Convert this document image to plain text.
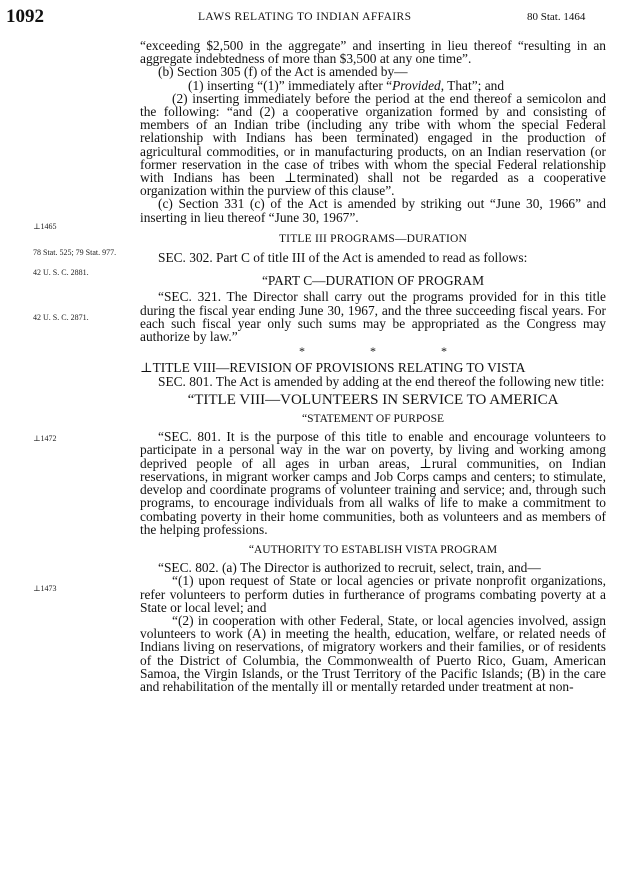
1092	LAWS RELATING TO INDIAN AFFAIRS	80 Stat. 1464
⊥1465
78 Stat. 525; 79 Stat. 977.
42 U. S. C. 2881.
42 U. S. C. 2871.
⊥1472
⊥1473

“exceeding $2,500 in the aggregate” and inserting in lieu thereof “resulting in an aggregate indebtedness of more than $3,500 at any one time”.

(b) Section 305 (f) of the Act is amended by—

(1) inserting “(1)” immediately after “Provided, That”; and

(2) inserting immediately before the period at the end thereof a semicolon and the following: “and (2) a cooperative organization formed by and consisting of members of an Indian tribe (including any tribe with whom the special Federal relationship with Indians has been terminated) engaged in the production of agricultural commodities, or in manufacturing products, on an Indian reservation (or former reservation in the case of tribes with whom the special Federal relationship with Indians has been ⊥terminated) shall not be regarded as a cooperative organization within the purview of this clause”.

(c) Section 331 (c) of the Act is amended by striking out “June 30, 1966” and inserting in lieu thereof “June 30, 1967”.

TITLE III PROGRAMS—DURATION

SEC. 302. Part C of title III of the Act is amended to read as follows:

“PART C—DURATION OF PROGRAM

“SEC. 321. The Director shall carry out the programs provided for in this title during the fiscal year ending June 30, 1967, and the three succeeding fiscal years. For each such fiscal year only such sums may be appropriated as the Congress may authorize by law.”

* * *

⊥TITLE VIII—REVISION OF PROVISIONS RELATING TO VISTA

SEC. 801. The Act is amended by adding at the end thereof the following new title:

“TITLE VIII—VOLUNTEERS IN SERVICE TO AMERICA

“STATEMENT OF PURPOSE

“SEC. 801. It is the purpose of this title to enable and encourage volunteers to participate in a personal way in the war on poverty, by living and working among deprived people of all ages in urban areas, ⊥rural communities, on Indian reservations, in migrant worker camps and Job Corps camps and centers; to stimulate, develop and coordinate programs of volunteer training and service; and, through such programs, to encourage individuals from all walks of life to make a commitment to combating poverty in their home communities, both as volunteers and as members of the helping professions.

“AUTHORITY TO ESTABLISH VISTA PROGRAM

“SEC. 802. (a) The Director is authorized to recruit, select, train, and—

“(1) upon request of State or local agencies or private nonprofit organizations, refer volunteers to perform duties in furtherance of programs combating poverty at a State or local level; and

“(2) in cooperation with other Federal, State, or local agencies involved, assign volunteers to work (A) in meeting the health, education, welfare, or related needs of Indians living on reservations, of migratory workers and their families, or of residents of the District of Columbia, the Commonwealth of Puerto Rico, Guam, American Samoa, the Virgin Islands, or the Trust Territory of the Pacific Islands; (B) in the care and rehabilitation of the mentally ill or mentally retarded under treatment at non-
